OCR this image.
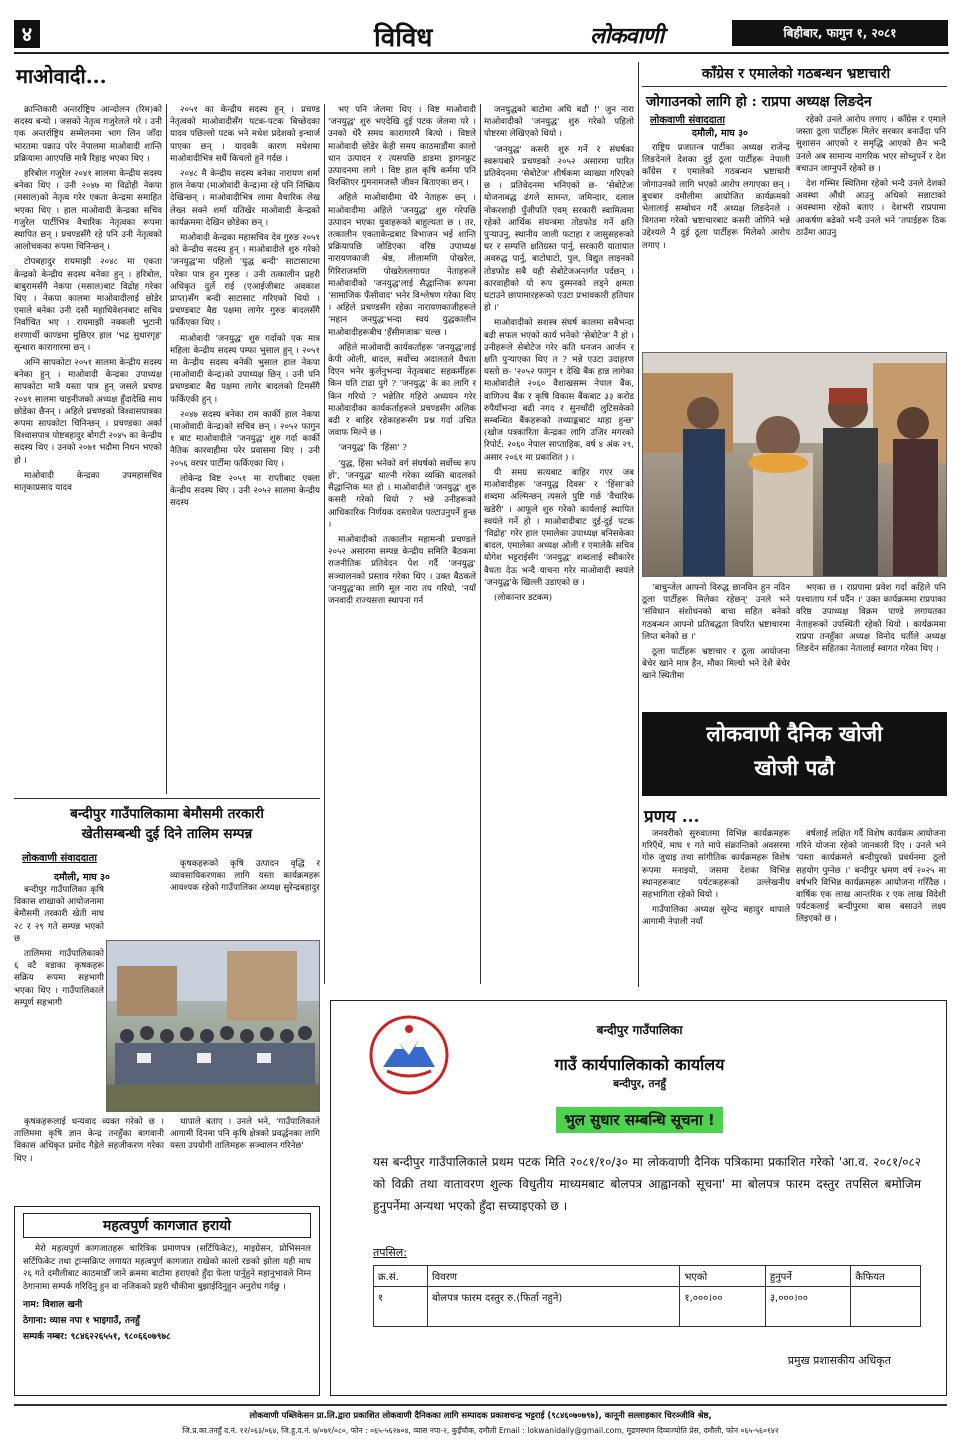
४	विविध	लोकवाणी	बिहीबार, फागुन १, २०८१
माओवादी...

क्रान्तिकारी अन्तर्राष्ट्रिय आन्दोलन (रिम)को सदस्य बन्यो । जसको नेतृत्व गजुरेलले गरे । उनी एक अन्तर्राष्ट्रिय सम्मेलनमा भाग लिन जाँदा भारतमा पक्राउ परेर नेपालमा माओवादी शान्ति प्रक्रियामा आएपछि मात्रै रिहाइ भएका थिए ।

हरिबोल गजुरेल २०४१ सालमा केन्द्रीय सदस्य बनेका थिए । उनी २०४७ मा विद्रोही नेकपा (मसाल)को नेतृत्व गरेर एकता केन्द्रमा समाहित भएका थिए । हाल माओवादी केन्द्रका सचिव गजुरेल पार्टीभित्र वैचारिक नेतृत्वका रूपमा स्थापित छन् । प्रचण्डसँगै रहे पनि उनी नेतृत्वको आलोचकका रूपमा चिनिन्छन् ।

टोपबहादुर रायमाझी २०४८ मा एकता केन्द्रको केन्द्रीय सदस्य बनेका हुन् । हरिबोल, बाबुरामसँगै नेकपा (मसाल)बाट विद्रोह गरेका थिए । नेकपा कालमा माओवादीलाई छोडेर एमाले बनेका उनी दसौं महाधिवेशनबाट सचिव निर्वाचित भए । रायमाझी नक्कली भुटानी शरणार्थी काण्डमा मुछिएर हाल 'भद्र सुधारगृह' सुन्धारा कारागारमा छन् ।

अग्नि सापकोटा २०५१ सालमा केन्द्रीय सदस्य बनेका हुन् । माओवादी केन्द्रका उपाध्यक्ष सापकोटा मात्रै यस्ता पात्र हुन् जसले प्रचण्ड २०४१ सालमा चाइनीजको अध्यक्ष हुँदादेखि साथ छोडेका छैनन् । अहिले प्रचण्डको विश्वासपात्रका रूपमा सापकोटा चिनिन्छन् । प्रचण्डका अर्का विश्वासपात्र पोष्टबहादुर बोगटी २०४५ का केन्द्रीय सदस्य थिए । उनको २०७१ भदौमा निधन भएको हो ।

माओवादी केन्द्रका उपमहासचिव मातृकाप्रसाद यादव

२०५१ का केन्द्रीय सदस्य हुन् । प्रचण्ड नेतृत्वको माओवादीसँग पटक-पटक बिच्छेदका यादव पछिल्लो पटक भने मधेश प्रदेशको इन्चार्ज पाएका छन् । यादवकै कारण मधेशमा माओवादीभित्र सधैं किचलो हुने गर्दछ ।

२०४८ मै केन्द्रीय सदस्य बनेका नारायण शर्मा हाल नेकपा (माओवादी केन्द्र)मा रहे पनि निष्क्रिय देखिन्छन् । माओवादीभित्र लामा वैचारिक लेख लेख्न सक्ने शर्मा यतिखेर माओवादी केन्द्रको कार्यक्रममा देखिन छोडेका छन् ।

माओवादी केन्द्रका महासचिव देव गुरुङ २०५१ को केन्द्रीय सदस्य हुन् । माओवादीले शुरु गरेको 'जनयुद्ध'मा पहिलो 'युद्ध बन्दी' साटासाटमा परेका पात्र हुन गुरुङ । उनी तत्कालीन प्रहरी अधिकृत दुर्ले राई (एआईजीबाट अवकाश प्राप्त)सँग बन्दी साटासाट गरिएको थियो । प्रचण्डबाट बैद्य पक्षमा लागेर गुरुङ बादलसँगै फर्किएका थिए ।

माओवादी 'जनयुद्ध' शुरु गर्दाको एक मात्र महिला केन्द्रीय सदस्य पम्फा भुसाल हुन् । २०५१ मा केन्द्रीय सदस्य बनेकी भुसाल हाल नेकपा (माओवादी केन्द्र)को उपाध्यक्ष छिन् । उनी पनि प्रचण्डबाट बैद्य पक्षमा लागेर बादलको टिमसँगै फर्किएकी हुन् ।

२०४७ सदस्य बनेका राम कार्की हाल नेकपा (माओवादी केन्द्र)को सचिव छन् । २०५२ फागुन १ बाट माओवादीले 'जनयुद्ध' शुरु गर्दा कार्की नैतिक कारवाहीमा परेर प्रवासमा थिए । उनी २०५६ वरपर पार्टीमा फर्किएका थिए ।

लोकेन्द्र विष्ट २०५१ मा राप्तीबाट एक्ला केन्द्रीय सदस्य थिए । उनी २०५२ सालमा केन्द्रीय सदस्य

भए पनि जेलमा थिए । विष्ट माओवादी 'जनयुद्ध' शुरु भएदेखि दुई पटक जेलमा परे । उनको धेरै समय कारागारमै बित्यो । विष्टले माओवादी छोडेर केही समय काठमाडौंमा कालो धान उत्पादन र त्यसपछि डाडमा ड्रागनफ्रुट उत्पादनमा लागे । विष्ट हाल कृषि कर्ममा पनि विरक्तिएर गुमनामजस्तै जीवन बिताएका छन् ।

अहिले माओवादीमा धेरै नेताहरू छन् । माओवादीमा अहिले 'जनयुद्ध' शुरु गरेपछि उत्पादन भएका युवाहरूको बाहुल्यता छ । तर, तत्कालीन एकताकेन्द्रबाट विभाजन भई शान्ति प्रक्रियापछि जोडिएका वरिष्ठ उपाध्यक्ष नारायणकाजी श्रेष्ठ, लीलामणि पोखरेल, गिरिराजमणि पोखरेललगायत नेताहरूले माओवादीको 'जनयुद्ध'लाई सैद्धान्तिक रूपमा 'सामाजिक फँसीवाद' भनेर विश्लेषण गरेका थिए । अहिले प्रचण्डसँग रहेका नारायणकाजीहरूले 'महान जनयुद्ध'भन्दा स्वयं युद्धकालीन माओवादीहरूबीच 'हँसीमजाक' चल्छ ।

अहिले माओवादी कार्यकर्ताहरू 'जनयुद्ध'लाई केपी ओली, बादल, सर्वोच्च अदालतले वैधता दिएन भनेर कुर्लनुभन्दा नेतृत्वबाट सहकर्मीहरू किन यति टाढा पुगे ? 'जनयुद्ध' के का लागि र किन गरियो ? भन्नेतिर गहिरो अध्ययन गरेर माओवादीका कार्यकर्ताहरूले प्रचण्डसँग अलिक बढी र बाहिर रहेकाहरूसँग प्रश्न गर्दा उचित जवाफ मिल्ने छ ।

'जनयुद्ध' कि 'हिंसा' ?

'युद्ध, हिंसा भनेको वर्ग संघर्षको सर्वोच्च रूप हो', 'जनयुद्ध' थाल्नी गरेका व्यक्ति बादलको सैद्धान्तिक मत हो । माओवादीले 'जनयुद्ध' शुरु कसरी गरेको थियो ? भन्ने उनीहरूको आधिकारिक निर्णयक दस्तावेज पल्टाउनुपर्ने हुन्छ ।

माओवादीको तत्कालीन महामन्त्री प्रचण्डले २०५२ असारमा सम्पन्न केन्द्रीय समिति बैठकमा राजनीतिक प्रतिवेदन पेश गर्दै 'जनयुद्ध' सञ्चालनको प्रस्ताव गरेका थिए । उक्त बैठकले 'जनयुद्ध'का लागि मूल नारा तय गरियो, 'नयाँ जनवादी राज्यसत्ता स्थापना गर्न

जनयुद्धको बाटोमा अघि बढौं !' जुन नारा माओवादीको 'जनयुद्ध' शुरु गरेको पहिलो पोष्टरमा लेखिएको थियो ।

'जनयुद्ध' कसरी शुरु गर्ने र संघर्षका स्वरूपबारे प्रचण्डको २०५२ असारमा पारित प्रतिवेदनमा 'सेबोटेज' शीर्षकमा व्याख्या गरिएको छ । प्रतिवेदनमा भनिएको छ- 'सेबोटेजः योजनाबद्ध ढंगले सामन्त, जमिन्दार, दलाल नोकरशाही पुँजीपति एवम् सरकारी स्वामित्वमा रहेको आर्थिक संयन्त्रमा तोडफोड गर्ने क्षति पुऱ्याउनु, स्थानीय जाली फटाहा र जासुसहरूको घर र सम्पत्ति क्षतिग्रस्त पार्नु, सरकारी यातायात अवरुद्ध पार्नु, बाटोघाटो, पुल, विद्युत लाइनको तोडफोड सबै यही सेबोटेजअन्तर्गत पर्दछन् । कारवाहीको यो रूप दुस्मनको लड्ने क्षमता घटाउने छापामारहरूको एउटा प्रभावकारी हतियार हो ।'

माओवादीको सशस्त्र संघर्ष कालमा सबैभन्दा बढी सफल भएको कार्य भनेको 'सेबोटेज' नै हो । उनीहरूले सेबोटेज गरेर कति धनजन आर्जन र क्षति पुऱ्याएका थिए त ? भन्ने एउटा उदाहरण यस्तो छ- '२०५२ फागुन १ देखि बैंक हान्न लागेका माओवादीले २०६० वैशाखसम्म नेपाल बैंक, वाणिज्य बैंक र कृषि विकास बैंकबाट ३३ करोड रुपैयाँभन्दा बढी नगद र सुनचाँदी लुटिसकेको सम्बन्धित बैंकहरूको तथ्याङ्कबाट थाहा हुन्छ' (खोज पत्रकारिता केन्द्रका लागि उजिर मगरको रिपोर्ट: २०६० नेपाल साप्ताहिक, वर्ष ४ अंक २९, असार २०६१ मा प्रकाशित ) ।

यी समग्र सत्यबाट बाहिर गएर जब माओवादीहरू 'जनयुद्ध दिवस' र 'हिंसा'को शब्दमा अल्मिन्छन् त्यसले पुष्टि गर्छ 'वैचारिक खडेरी' । आफूले शुरु गरेको कार्यलाई स्थापित स्वयंले गर्ने हो । माओवादीबाट दुई-दुई पटक 'विद्रोह' गरेर हाल एमालेका उपाध्यक्ष बनिसकेका बादल, एमालेका अध्यक्ष ओली र एमालेकै सचिव योगेश भट्टराईसँग 'जनयुद्ध' शब्दलाई स्वीकारेर वैधता देऊ भन्दै याचना गरेर माओवादी स्वयंले 'जनयुद्ध'के खिल्ली उडाएको छ ।

(लोकान्तर डटकम)

काँग्रेस र एमालेको गठबन्धन भ्रष्टाचारी
जोगाउनको लागि हो : राप्रपा अध्यक्ष लिङदेन
लोकवाणी संवाददाता
दमौली, माघ ३०

राष्ट्रिय प्रजातन्त्र पार्टीका अध्यक्ष राजेन्द्र लिङदेनले देशका दुई ठूला पार्टीहरू नेपाली काँग्रेस र एमालेको गठबन्धन भ्रष्टाचारी जोगाउनको लागि भएको आरोप लगाएका छन् । बुधबार दमौलीमा आयोजित कार्यक्रमको भेलालाई सम्बोधन गर्दै अध्यक्ष लिङदेनले । विगतमा गरेको भ्रष्टाचारबाट कसरी जोगिने भन्ने उद्देश्यले नै दुई ठूला पार्टीहरू मिलेको आरोप लगाए ।

रहेको उनले आरोप लगाए । काँग्रेस र एमाले जस्ता ठूला पार्टीहरू मिलेर सरकार बनाउँदा पनि सुशासन आएको र समृद्धि आएको छैन भन्दै उनले अब सामान्य नागरिक भएर सोच्नुपर्ने र देश बचाउन जाग्नुपर्ने रहेको छ ।

देश गम्भिर स्थितिमा रहेको भन्दै उनले देशको अवस्था औंधी आउनु अधिको सन्नाटाको अवस्थामा रहेको बताए । देशभरी राप्रपामा आकर्षण बढेको भन्दै उनले भने 'तपाईहरू ठिक ठाउँमा आउनु

'बाचुन्जेल आफ्नो विरुद्ध छानविन हुन नदिन ठूला पार्टीहरू मिलेका रहेछन्' उनले भने 'संविधान संशोधनको बाचा सहित बनेको गठबन्धन आफ्नो प्रतिबद्धता विपरित भ्रष्टाचारमा लिप्त बनेको छ ।'

ठूला पार्टीहरू भ्रष्टाचार र ठूला आयोजना बेचेर खाने मात्र हैन, मौका मिल्यो भने देशै बेचेर खाने स्थितीमा

भएका छ । राप्रपामा प्रवेश गर्दा कहिले पनि पश्चाताप गर्न पर्दैन ।' उक्त कार्यक्रममा राप्रपाका वरिष्ठ उपाध्यक्ष विक्रम पाण्डे लगायतका नेताहरूको उपस्थिती रहेको थियो । कार्यक्रममा राप्रपा तनहुँका अध्यक्ष विनोद घर्तीले अध्यक्ष लिङदेन सहितका नेतालाई स्वागत गरेका थिए ।

लोकवाणी दैनिक खोजी
खोजी पढौ
प्रणय ...

जनवरीको सुरुवातमा विभिन्न कार्यक्रमहरू गरिएँथें, माघ १ गते मापे संक्रान्तिको अवसरमा गोरु जुधाइ तथा सांगीतिक कार्यक्रमहरू विशेष रूपमा मनाइयो, जसमा देशका विभिन्न स्थानहरूबाट पर्यटकहरूको उल्लेखनीय सहभागिता रहेको थियो ।

गाउँपालिका अध्यक्ष सुरेन्द्र बहादुर थापाले आगामी नेपाली नयाँ

वर्षलाई लक्षित गर्दै विशेष कार्यक्रम आयोजना गरिने योजना रहेको जानकारी दिए । उनले भने 'यस्ता कार्यक्रमले बन्दीपुरको प्रवर्धनमा ठूलो सहयोग पुग्नेछ ।' बन्दीपुर भ्रमण वर्ष २०२५ मा वर्षभरि विभिन्न कार्यक्रमहरू आयोजना गरिँदैछ । वार्षिक एक लाख आन्तरिक र एक लाख विदेशी पर्यटकलाई बन्दीपुरमा बास बसाउने लक्ष्य लिइएको छ ।

बन्दीपुर गाउँपालिकामा बेमौसमी तरकारी
खेतीसम्बन्धी दुई दिने तालिम सम्पन्न
लोकवाणी संवाददाता
दमौली, माघ ३०

बन्दीपुर गाउँपालिका कृषि विकास शाखाको आयोजनामा बेमौसमी तरकारी खेती माघ २८ र २९ गते सम्पन्न भएको छ

तालिममा गाउँपालिकाको ६ वटै वडाका कृषकहरू सक्रिय रूपमा सहभागी भएका थिए । गाउँपालिकाले सम्पूर्ण सहभागी

कृषकहरूको कृषि उत्पादन वृद्धि र व्यावसायिकरणका लागि यस्ता कार्यक्रमहरू आवश्यक रहेको गाउँपालिका अध्यक्ष सुरेन्द्रबहादुर

कृषकहरूलाई धन्यवाद व्यक्त गरेको छ । तालिममा कृषि ज्ञान केन्द्र तनहुँका बागवानी विकास अधिकृत प्रमोद गैह्रेले सहजीकरण गरेका थिए ।

थापाले बताए । उनले भने, 'गाउँपालिकाले आगामी दिनमा पनि कृषि क्षेत्रको प्रवर्द्धनका लागि यस्ता उपयोगी तालिमहरू सञ्चालन गरिनेछ'

महत्वपुर्ण कागजात हरायो
मेरो महत्वपुर्ण कागजातहरू चारित्रिक प्रमाणपत्र (सर्टिफिकेट), माइग्रेसन, प्रोभिसनल सर्टिफिकेट तथा ट्रान्सक्रिप्ट लगायत महत्वपुर्ण कागजात राखेको कालो रङको झोला यही माघ २६ गते दमौलीबाट काठमाडौँ जाने क्रममा बाटोमा हराएको हुँदा फेला पार्नुहुने महानुभावले निम्न ठेगानामा सम्पर्क गरिदिनु हुन वा नजिकको प्रहरी चौकीमा बुझाईदिनुहुन अनुरोध गर्दछु ।
नाम: विशाल खनी
ठेगाना: व्यास नपा १ भाइगाउँ, तनहुँ
सम्पर्क नम्बर: ९८४६२२६५५१, ९८०६६०७९७८
बन्दीपुर गाउँपालिका
गाउँ कार्यपालिकाको कार्यालय
बन्दीपुर, तनहुँ
भुल सुधार सम्बन्धि सूचना !
यस बन्दीपुर गाउँपालिकाले प्रथम पटक मिति २०८१/१०/३० मा लोकवाणी दैनिक पत्रिकामा प्रकाशित गरेको 'आ.व. २०८१/०८२ को विक्री तथा वातावरण शुल्क विधुतीय माध्यमबाट बोलपत्र आह्वानको सूचना' मा बोलपत्र फारम दस्तुर तपसिल बमोजिम हुनुपर्नेमा अन्यथा भएको हुँदा सच्याइएको छ ।
तपसिल:
क्र.सं.	विवरण	भएको	हुनुपर्ने	कैफियत
१	बोलपत्र फारम दस्तुर रु.(फिर्ता नहुने)	१,०००।००	३,०००।००	
प्रमुख प्रशासकीय अधिकृत
लोकवाणी पब्लिकेसन प्रा.लि.द्वारा प्रकाशित लोकवाणी दैनिकका लागि सम्पादक प्रकाशचन्द्र भट्टराई (९८४६०७०७९७), कानूनी सल्लाहकार चिरञ्जीवि श्रेष्ठ,
जि.प्र.का.तनहुँ द.नं. १२/०६३/०६४, जि.हु.द.नं. ७/०७१/०८०, फोन : ०६५-५६२७०४, व्यास नपा-२, कुइँचौक, दमौली Email : lokwanidaily@gmail.com, मुद्रणस्थान दिव्यज्योति प्रेस, दमौली, फोन ०६५-५६०१४२
